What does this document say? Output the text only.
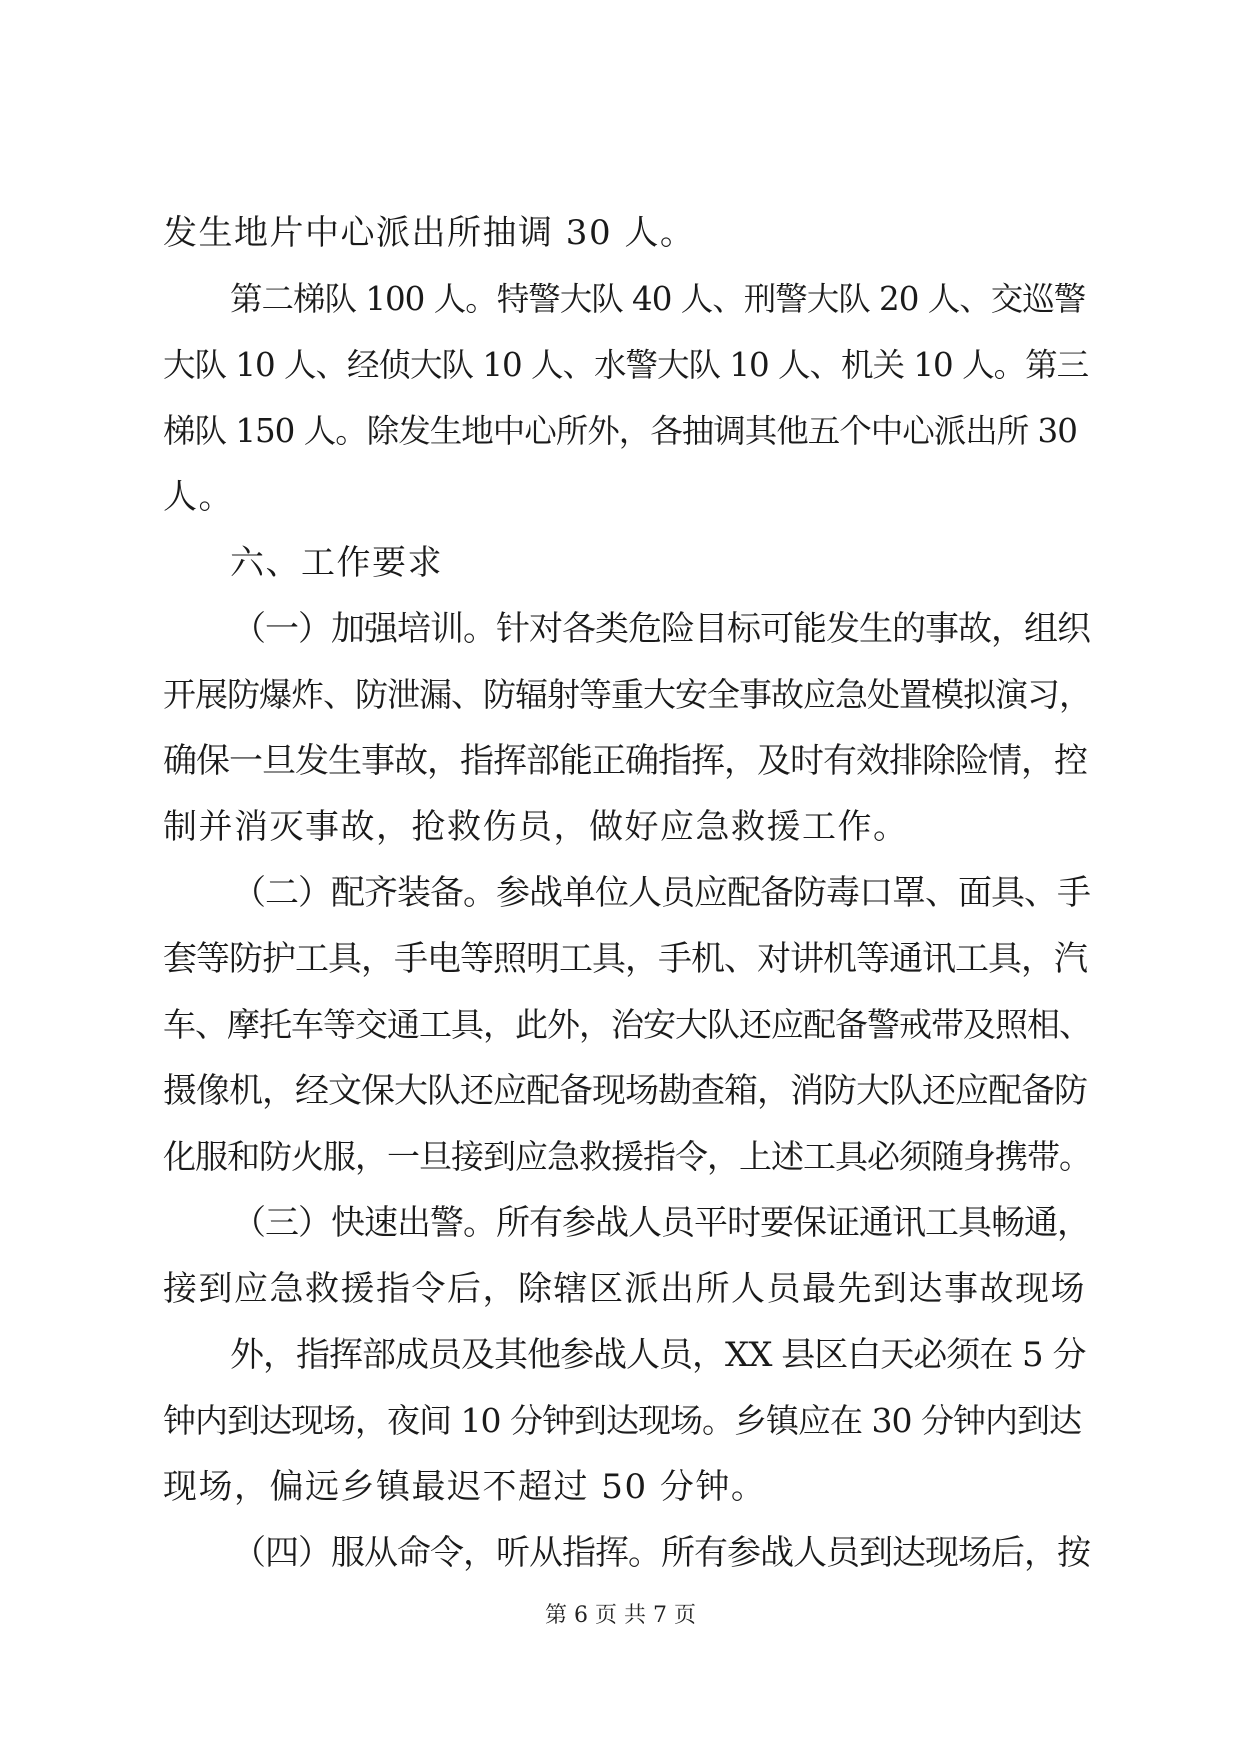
发生地片中心派出所抽调 30 人。
第二梯队 100 人。特警大队 40 人、刑警大队 20 人、交巡警
大队 10 人、经侦大队 10 人、水警大队 10 人、机关 10 人。第三
梯队 150 人。除发生地中心所外，各抽调其他五个中心派出所 30
人。
六、工作要求
（一）加强培训。针对各类危险目标可能发生的事故，组织
开展防爆炸、防泄漏、防辐射等重大安全事故应急处置模拟演习，
确保一旦发生事故，指挥部能正确指挥，及时有效排除险情，控
制并消灭事故，抢救伤员，做好应急救援工作。
（二）配齐装备。参战单位人员应配备防毒口罩、面具、手
套等防护工具，手电等照明工具，手机、对讲机等通讯工具，汽
车、摩托车等交通工具，此外，治安大队还应配备警戒带及照相、
摄像机，经文保大队还应配备现场勘查箱，消防大队还应配备防
化服和防火服，一旦接到应急救援指令，上述工具必须随身携带。
（三）快速出警。所有参战人员平时要保证通讯工具畅通，
接到应急救援指令后，除辖区派出所人员最先到达事故现场
外，指挥部成员及其他参战人员，XX 县区白天必须在 5 分
钟内到达现场，夜间 10 分钟到达现场。乡镇应在 30 分钟内到达
现场，偏远乡镇最迟不超过 50 分钟。
（四）服从命令，听从指挥。所有参战人员到达现场后，按
第 6 页 共 7 页
